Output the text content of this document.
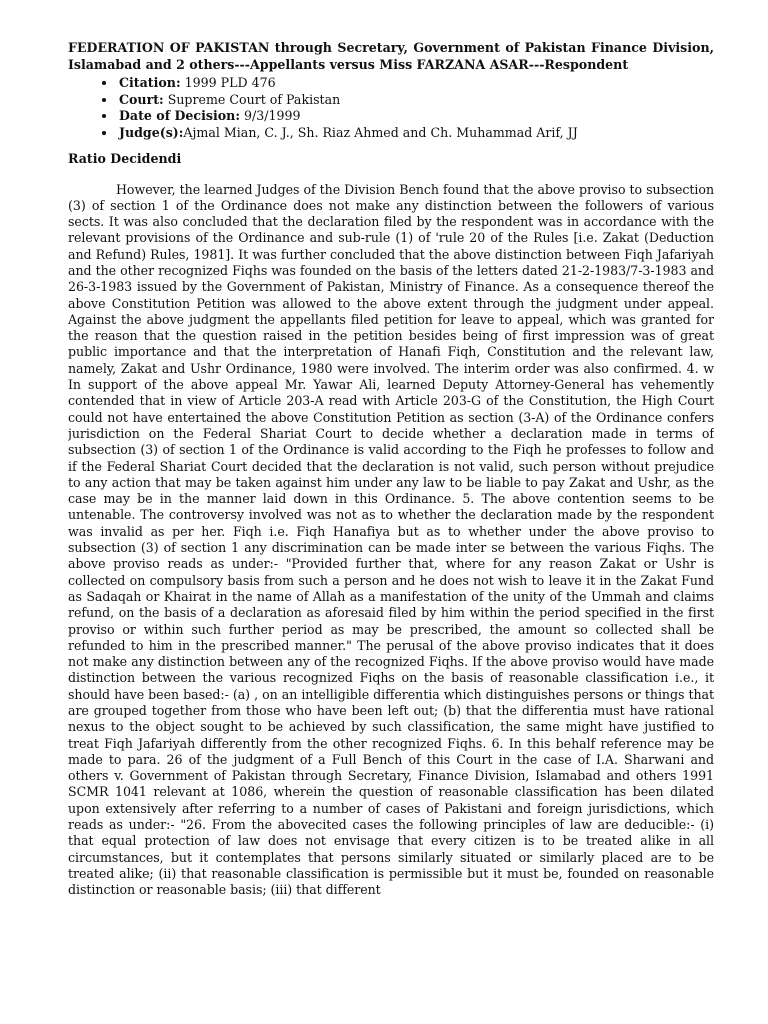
FEDERATION OF PAKISTAN through Secretary, Government of Pakistan Finance Division, Islamabad and 2 others---Appellants versus Miss FARZANA ASAR---Respondent

• Citation: 1999 PLD 476
• Court: Supreme Court of Pakistan
• Date of Decision: 9/3/1999
• Judge(s):Ajmal Mian, C. J., Sh. Riaz Ahmed and Ch. Muhammad Arif, JJ
Ratio Decidendi

However, the learned Judges of the Division Bench found that the above proviso to subsection (3) of section 1 of the Ordinance does not make any distinction between the followers of various sects. It was also concluded that the declaration filed by the respondent was in accordance with the relevant provisions of the Ordinance and sub-rule (1) of 'rule 20 of the Rules [i.e. Zakat (Deduction and Refund) Rules, 1981]. It was further concluded that the above distinction between Fiqh Jafariyah and the other recognized Fiqhs was founded on the basis of the letters dated 21-2-1983/7-3-1983 and 26-3-1983 issued by the Government of Pakistan, Ministry of Finance. As a consequence thereof the above Constitution Petition was allowed to the above extent through the judgment under appeal. Against the above judgment the appellants filed petition for leave to appeal, which was granted for the reason that the question raised in the petition besides being of first impression was of great public importance and that the interpretation of Hanafi Fiqh, Constitution and the relevant law, namely, Zakat and Ushr Ordinance, 1980 were involved. The interim order was also confirmed. 4. w In support of the above appeal Mr. Yawar Ali, learned Deputy Attorney-General has vehemently contended that in view of Article 203-A read with Article 203-G of the Constitution, the High Court could not have entertained the above Constitution Petition as section (3-A) of the Ordinance confers jurisdiction on the Federal Shariat Court to decide whether a declaration made in terms of subsection (3) of section 1 of the Ordinance is valid according to the Fiqh he professes to follow and if the Federal Shariat Court decided that the declaration is not valid, such person without prejudice to any action that may be taken against him under any law to be liable to pay Zakat and Ushr, as the case may be in the manner laid down in this Ordinance. 5. The above contention seems to be untenable. The controversy involved was not as to whether the declaration made by the respondent was invalid as per her. Fiqh i.e. Fiqh Hanafiya but as to whether under the above proviso to subsection (3) of section 1 any discrimination can be made inter se between the various Fiqhs. The above proviso reads as under:- "Provided further that, where for any reason Zakat or Ushr is collected on compulsory basis from such a person and he does not wish to leave it in the Zakat Fund as Sadaqah or Khairat in the name of Allah as a manifestation of the unity of the Ummah and claims refund, on the basis of a declaration as aforesaid filed by him within the period specified in the first proviso or within such further period as may be prescribed, the amount so collected shall be refunded to him in the prescribed manner." The perusal of the above proviso indicates that it does not make any distinction between any of the recognized Fiqhs. If the above proviso would have made distinction between the various recognized Fiqhs on the basis of reasonable classification i.e., it should have been based:- (a) , on an intelligible differentia which distinguishes persons or things that are grouped together from those who have been left out; (b) that the differentia must have rational nexus to the object sought to be achieved by such classification, the same might have justified to treat Fiqh Jafariyah differently from the other recognized Fiqhs. 6. In this behalf reference may be made to para. 26 of the judgment of a Full Bench of this Court in the case of I.A. Sharwani and others v. Government of Pakistan through Secretary, Finance Division, Islamabad and others 1991 SCMR 1041 relevant at 1086, wherein the question of reasonable classification has been dilated upon extensively after referring to a number of cases of Pakistani and foreign jurisdictions, which reads as under:- "26. From the abovecited cases the following principles of law are deducible:- (i) that equal protection of law does not envisage that every citizen is to be treated alike in all circumstances, but it contemplates that persons similarly situated or similarly placed are to be treated alike; (ii) that reasonable classification is permissible but it must be, founded on reasonable distinction or reasonable basis; (iii) that different
